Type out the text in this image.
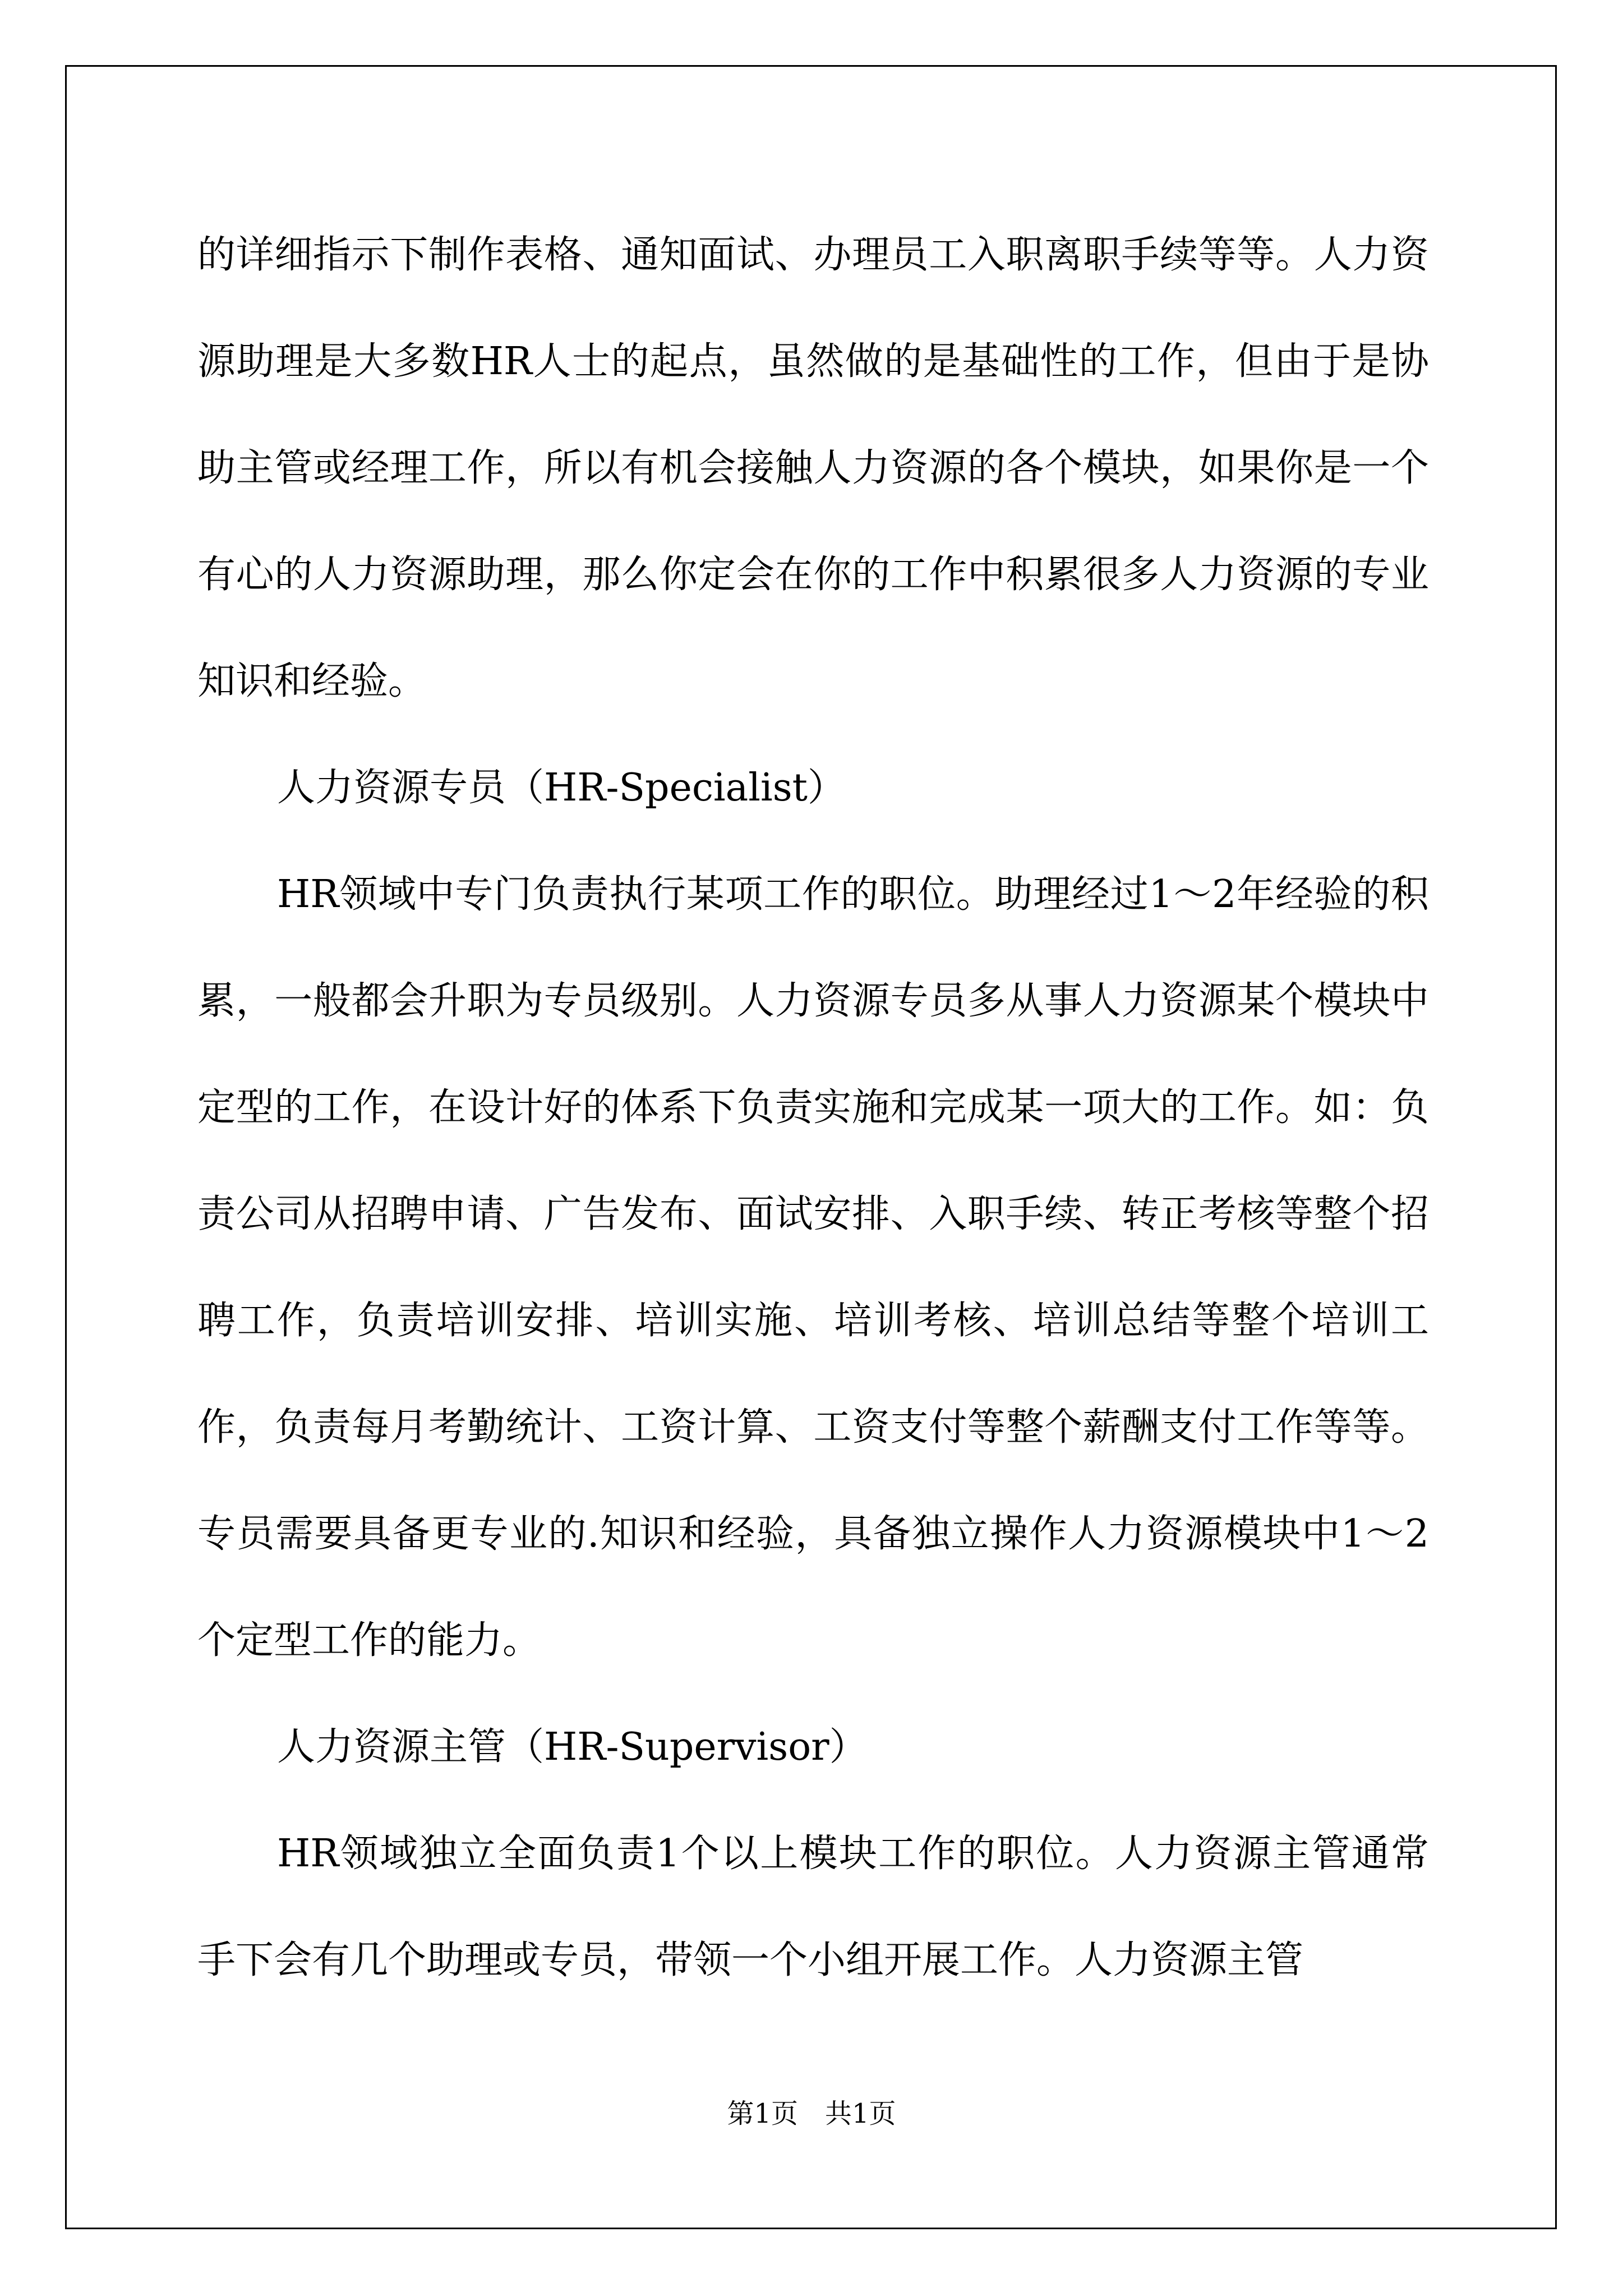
的详细指示下制作表格、通知面试、办理员工入职离职手续等等。人力资源助理是大多数HR人士的起点，虽然做的是基础性的工作，但由于是协助主管或经理工作，所以有机会接触人力资源的各个模块，如果你是一个有心的人力资源助理，那么你定会在你的工作中积累很多人力资源的专业知识和经验。

人力资源专员（HR-Specialist）

HR领域中专门负责执行某项工作的职位。助理经过1～2年经验的积累，一般都会升职为专员级别。人力资源专员多从事人力资源某个模块中定型的工作，在设计好的体系下负责实施和完成某一项大的工作。如：负责公司从招聘申请、广告发布、面试安排、入职手续、转正考核等整个招聘工作，负责培训安排、培训实施、培训考核、培训总结等整个培训工作，负责每月考勤统计、工资计算、工资支付等整个薪酬支付工作等等。专员需要具备更专业的.知识和经验，具备独立操作人力资源模块中1～2个定型工作的能力。

人力资源主管（HR-Supervisor）

HR领域独立全面负责1个以上模块工作的职位。人力资源主管通常手下会有几个助理或专员，带领一个小组开展工作。人力资源主管

第1页 共1页
